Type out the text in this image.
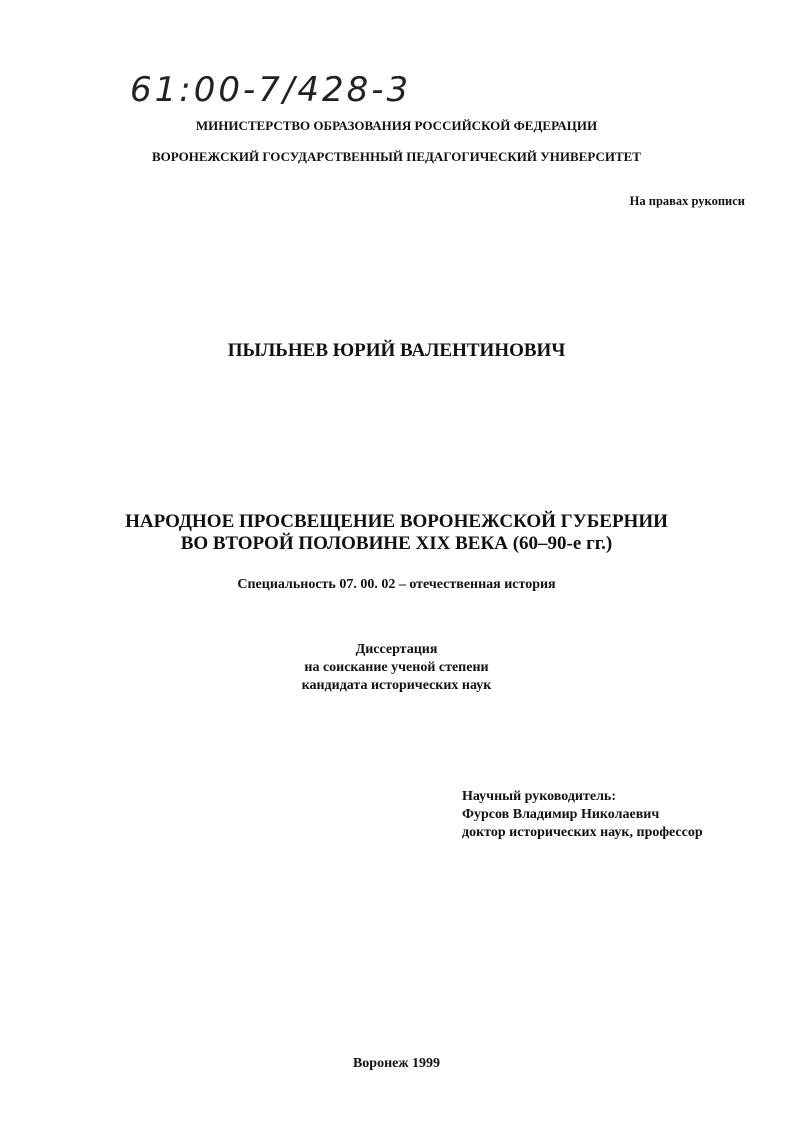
61:00-7/428-3
МИНИСТЕРСТВО ОБРАЗОВАНИЯ РОССИЙСКОЙ ФЕДЕРАЦИИ
ВОРОНЕЖСКИЙ ГОСУДАРСТВЕННЫЙ ПЕДАГОГИЧЕСКИЙ УНИВЕРСИТЕТ
На правах рукописи
ПЫЛЬНЕВ ЮРИЙ ВАЛЕНТИНОВИЧ
НАРОДНОЕ ПРОСВЕЩЕНИЕ ВОРОНЕЖСКОЙ ГУБЕРНИИ
ВО ВТОРОЙ ПОЛОВИНЕ XIX ВЕКА (60–90-е гг.)
Специальность 07. 00. 02 – отечественная история
Диссертация
на соискание ученой степени
кандидата исторических наук
Научный руководитель:
Фурсов Владимир Николаевич
доктор исторических наук, профессор
Воронеж 1999
